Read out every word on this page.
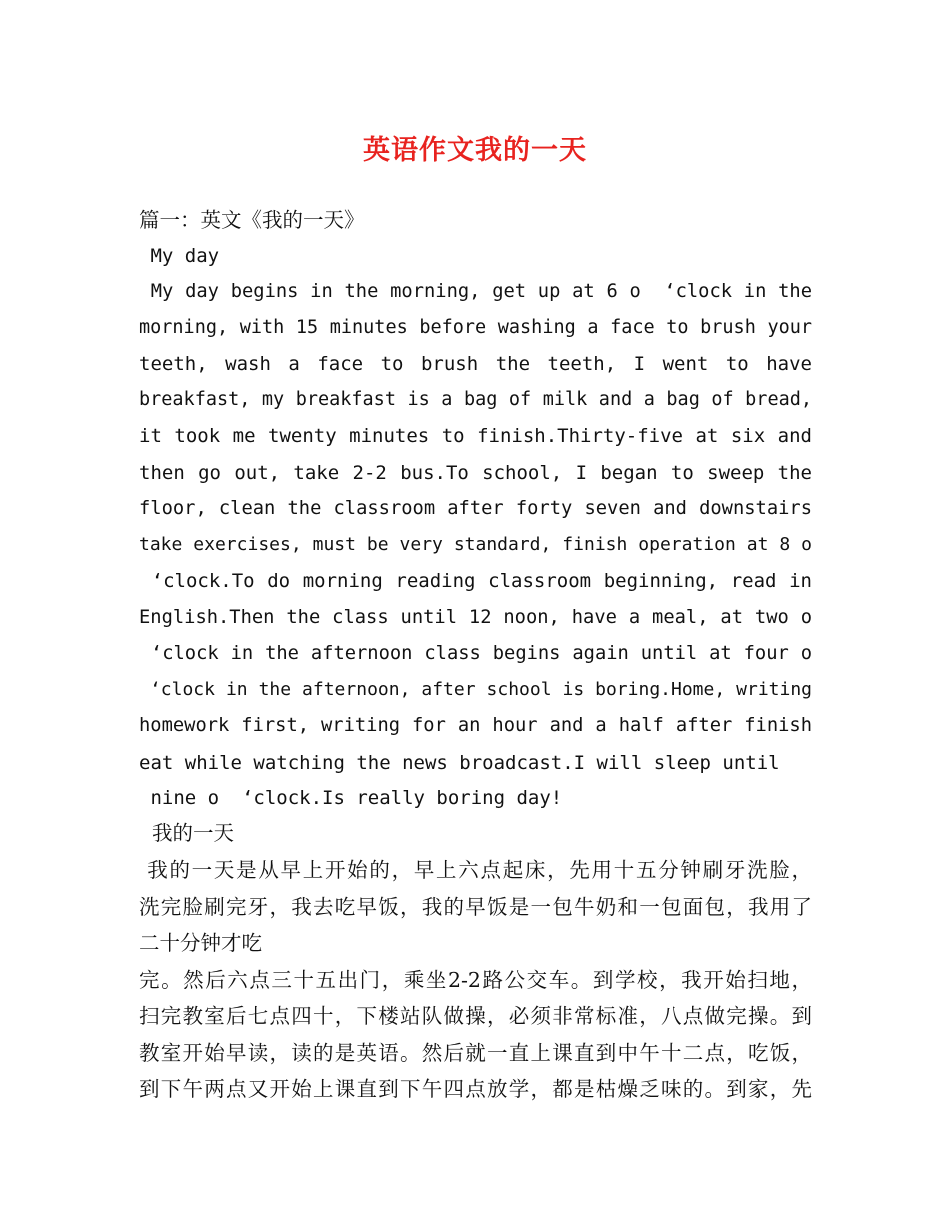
英语作文我的一天
篇一：英文《我的一天》
My day
My day begins in the morning, get up at 6 o  ‘clock in the
morning, with 15 minutes before washing a face to brush your
teeth, wash a face to brush the teeth, I went to have
breakfast, my breakfast is a bag of milk and a bag of bread,
it took me twenty minutes to finish.Thirty-five at six and
then go out, take 2-2 bus.To school, I began to sweep the
floor, clean the classroom after forty seven and downstairs
take exercises, must be very standard, finish operation at 8 o
‘clock.To do morning reading classroom beginning, read in
English.Then the class until 12 noon, have a meal, at two o
‘clock in the afternoon class begins again until at four o
‘clock in the afternoon, after school is boring.Home, writing
homework first, writing for an hour and a half after finish
eat while watching the news broadcast.I will sleep until
nine o  ‘clock.Is really boring day!
我的一天
我的一天是从早上开始的，早上六点起床，先用十五分钟刷牙洗脸，
洗完脸刷完牙，我去吃早饭，我的早饭是一包牛奶和一包面包，我用了
二十分钟才吃
完。然后六点三十五出门，乘坐2-2路公交车。到学校，我开始扫地，
扫完教室后七点四十，下楼站队做操，必须非常标准，八点做完操。到
教室开始早读，读的是英语。然后就一直上课直到中午十二点，吃饭，
到下午两点又开始上课直到下午四点放学，都是枯燥乏味的。到家，先
